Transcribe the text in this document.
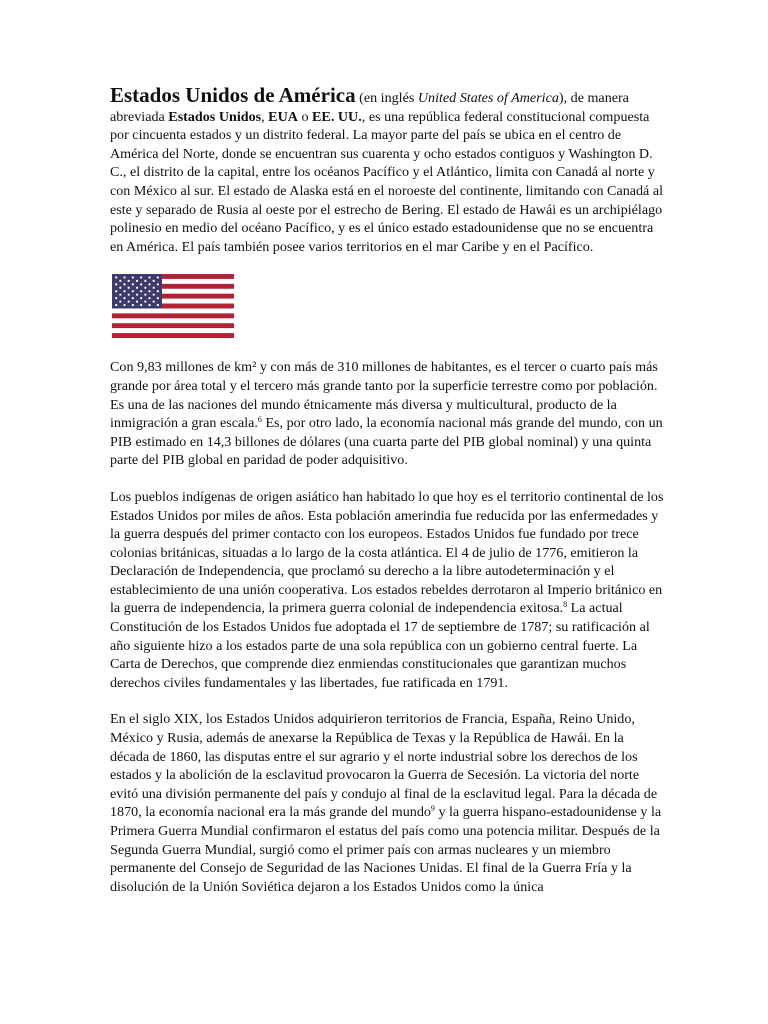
Estados Unidos de América (en inglés United States of America), de manera abreviada Estados Unidos, EUA o EE. UU., es una república federal constitucional compuesta por cincuenta estados y un distrito federal. La mayor parte del país se ubica en el centro de América del Norte, donde se encuentran sus cuarenta y ocho estados contiguos y Washington D. C., el distrito de la capital, entre los océanos Pacífico y el Atlántico, limita con Canadá al norte y con México al sur. El estado de Alaska está en el noroeste del continente, limitando con Canadá al este y separado de Rusia al oeste por el estrecho de Bering. El estado de Hawái es un archipiélago polinesio en medio del océano Pacífico, y es el único estado estadounidense que no se encuentra en América. El país también posee varios territorios en el mar Caribe y en el Pacífico.

Con 9,83 millones de km² y con más de 310 millones de habitantes, es el tercer o cuarto país más grande por área total y el tercero más grande tanto por la superficie terrestre como por población. Es una de las naciones del mundo étnicamente más diversa y multicultural, producto de la inmigración a gran escala.$^6$ Es, por otro lado, la economía nacional más grande del mundo, con un PIB estimado en 14,3 billones de dólares (una cuarta parte del PIB global nominal) y una quinta parte del PIB global en paridad de poder adquisitivo.

Los pueblos indígenas de origen asiático han habitado lo que hoy es el territorio continental de los Estados Unidos por miles de años. Esta población amerindia fue reducida por las enfermedades y la guerra después del primer contacto con los europeos. Estados Unidos fue fundado por trece colonias británicas, situadas a lo largo de la costa atlántica. El 4 de julio de 1776, emitieron la Declaración de Independencia, que proclamó su derecho a la libre autodeterminación y el establecimiento de una unión cooperativa. Los estados rebeldes derrotaron al Imperio británico en la guerra de independencia, la primera guerra colonial de independencia exitosa.$^8$ La actual Constitución de los Estados Unidos fue adoptada el 17 de septiembre de 1787; su ratificación al año siguiente hizo a los estados parte de una sola república con un gobierno central fuerte. La Carta de Derechos, que comprende diez enmiendas constitucionales que garantizan muchos derechos civiles fundamentales y las libertades, fue ratificada en 1791.

En el siglo XIX, los Estados Unidos adquirieron territorios de Francia, España, Reino Unido, México y Rusia, además de anexarse la República de Texas y la República de Hawái. En la década de 1860, las disputas entre el sur agrario y el norte industrial sobre los derechos de los estados y la abolición de la esclavitud provocaron la Guerra de Secesión. La victoria del norte evitó una división permanente del país y condujo al final de la esclavitud legal. Para la década de 1870, la economía nacional era la más grande del mundo$^9$ y la guerra hispano-estadounidense y la Primera Guerra Mundial confirmaron el estatus del país como una potencia militar. Después de la Segunda Guerra Mundial, surgió como el primer país con armas nucleares y un miembro permanente del Consejo de Seguridad de las Naciones Unidas. El final de la Guerra Fría y la disolución de la Unión Soviética dejaron a los Estados Unidos como la única
